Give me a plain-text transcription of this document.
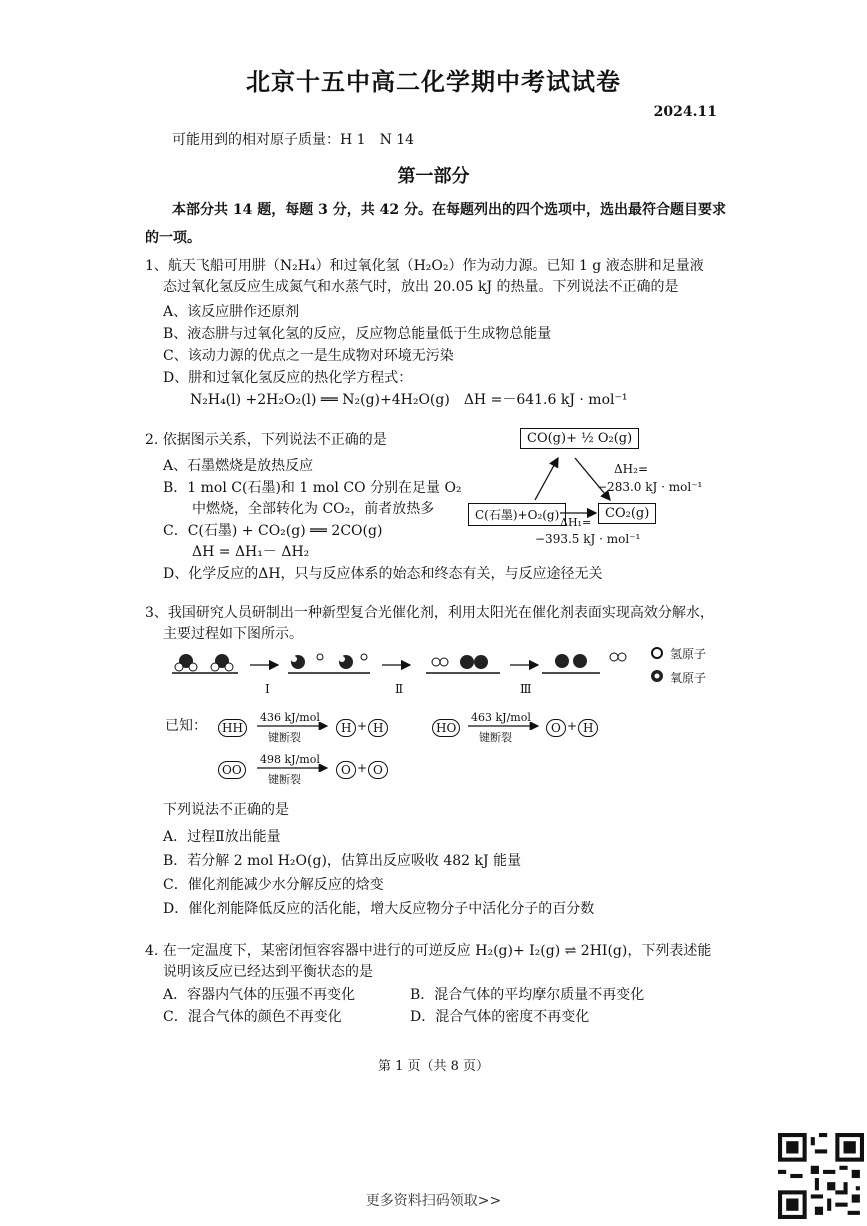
北京十五中高二化学期中考试试卷
2024.11
可能用到的相对原子质量：H 1　N 14
第一部分
本部分共 14 题，每题 3 分，共 42 分。在每题列出的四个选项中，选出最符合题目要求
的一项。
1、航天飞船可用肼（N₂H₄）和过氧化氢（H₂O₂）作为动力源。已知 1 g 液态肼和足量液
态过氧化氢反应生成氮气和水蒸气时，放出 20.05 kJ 的热量。下列说法不正确的是
A、该反应肼作还原剂
B、液态肼与过氧化氢的反应，反应物总能量低于生成物总能量
C、该动力源的优点之一是生成物对环境无污染
D、肼和过氧化氢反应的热化学方程式：
N₂H₄(l) +2H₂O₂(l) ══ N₂(g)+4H₂O(g)　ΔH =－641.6 kJ · mol⁻¹
2. 依据图示关系，下列说法不正确的是
A、石墨燃烧是放热反应
B．1 mol C(石墨)和 1 mol CO 分别在足量 O₂
中燃烧，全部转化为 CO₂，前者放热多
C．C(石墨) + CO₂(g) ══ 2CO(g)
ΔH = ΔH₁－ ΔH₂
D、化学反应的ΔH，只与反应体系的始态和终态有关，与反应途径无关
CO(g)+ ½ O₂(g)
C(石墨)+O₂(g)	CO₂(g)
ΔH₂=
−283.0 kJ · mol⁻¹
ΔH₁=
−393.5 kJ · mol⁻¹
3、我国研究人员研制出一种新型复合光催化剂，利用太阳光在催化剂表面实现高效分解水，
主要过程如下图所示。
Ⅰ	Ⅱ	Ⅲ
氢原子
氧原子
已知：	HH
436 kJ/mol
键断裂
H + H	HO
463 kJ/mol
键断裂
O + H
OO
498 kJ/mol
键断裂
O + O
下列说法不正确的是
A．过程Ⅱ放出能量
B．若分解 2 mol H₂O(g)，估算出反应吸收 482 kJ 能量
C．催化剂能减少水分解反应的焓变
D．催化剂能降低反应的活化能，增大反应物分子中活化分子的百分数
4. 在一定温度下，某密闭恒容容器中进行的可逆反应 H₂(g)+ I₂(g) ⇌ 2HI(g)，下列表述能
说明该反应已经达到平衡状态的是
A．容器内气体的压强不再变化	B．混合气体的平均摩尔质量不再变化
C．混合气体的颜色不再变化	D．混合气体的密度不再变化
第 1 页（共 8 页）
更多资料扫码领取>>
